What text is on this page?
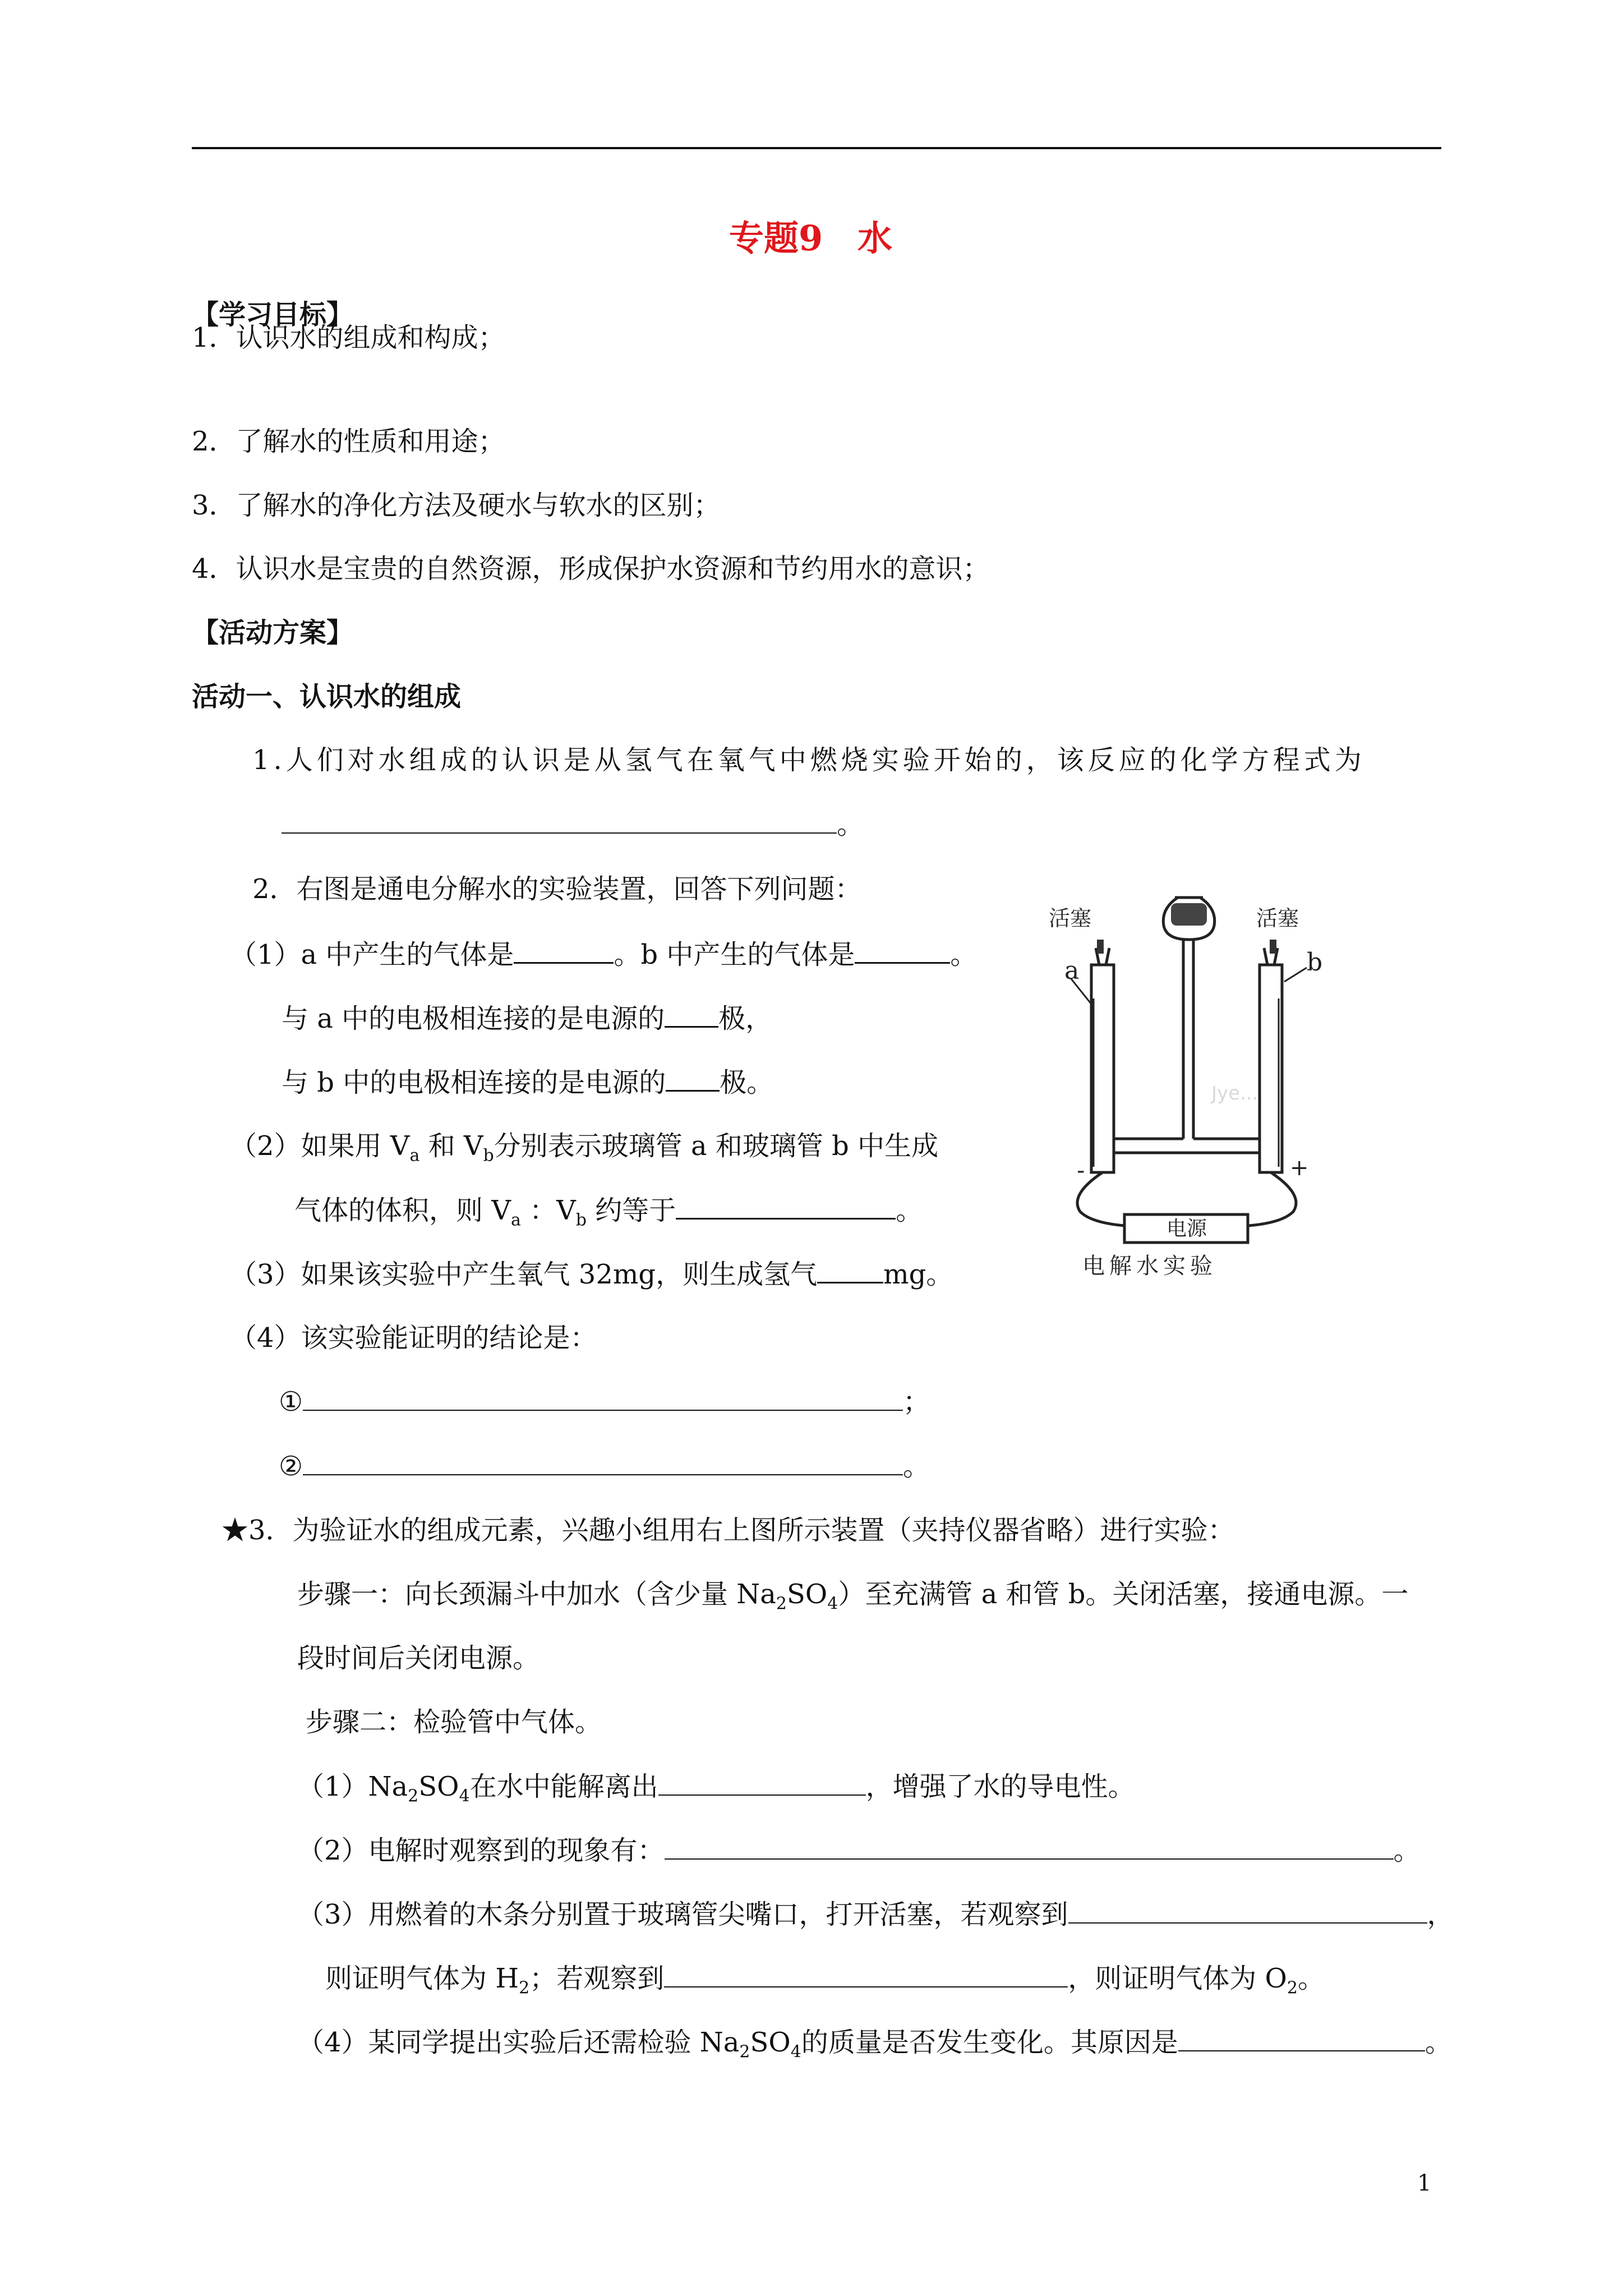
专题9　水
【学习目标】
1．认识水的组成和构成；
2．了解水的性质和用途；
3．了解水的净化方法及硬水与软水的区别；
4．认识水是宝贵的自然资源，形成保护水资源和节约用水的意识；
【活动方案】
活动一、认识水的组成
1.人们对水组成的认识是从氢气在氧气中燃烧实验开始的，该反应的化学方程式为
。
2．右图是通电分解水的实验装置，回答下列问题：
（1）a 中产生的气体是	。b 中产生的气体是	。
与 a 中的电极相连接的是电源的 极，
与 b 中的电极相连接的是电源的 极。
（2）如果用 $V_a$ 和 $V_b$分别表示玻璃管 a 和玻璃管 b 中生成
气体的体积，则 $V_a$ ：$V_b$ 约等于	。
（3）如果该实验中产生氧气 32mg，则生成氢气 mg。
（4）该实验能证明的结论是：
①	；
②	。
活塞	活塞
a	b
-	+
Jye...
电源
电解水实验
★3．为验证水的组成元素，兴趣小组用右上图所示装置（夹持仪器省略）进行实验：
步骤一：向长颈漏斗中加水（含少量 $Na_2SO_4$）至充满管 a 和管 b。关闭活塞，接通电源。一
段时间后关闭电源。
步骤二：检验管中气体。
$(1)Na_2SO_4$在水中能解离出	，增强了水的导电性。
（2）电解时观察到的现象有：	。
（3）用燃着的木条分别置于玻璃管尖嘴口，打开活塞，若观察到	，
则证明气体为 $H_2$；若观察到	，则证明气体为 $O_2$。
（4）某同学提出实验后还需检验 $Na_2SO_4$的质量是否发生变化。其原因是	。
1
